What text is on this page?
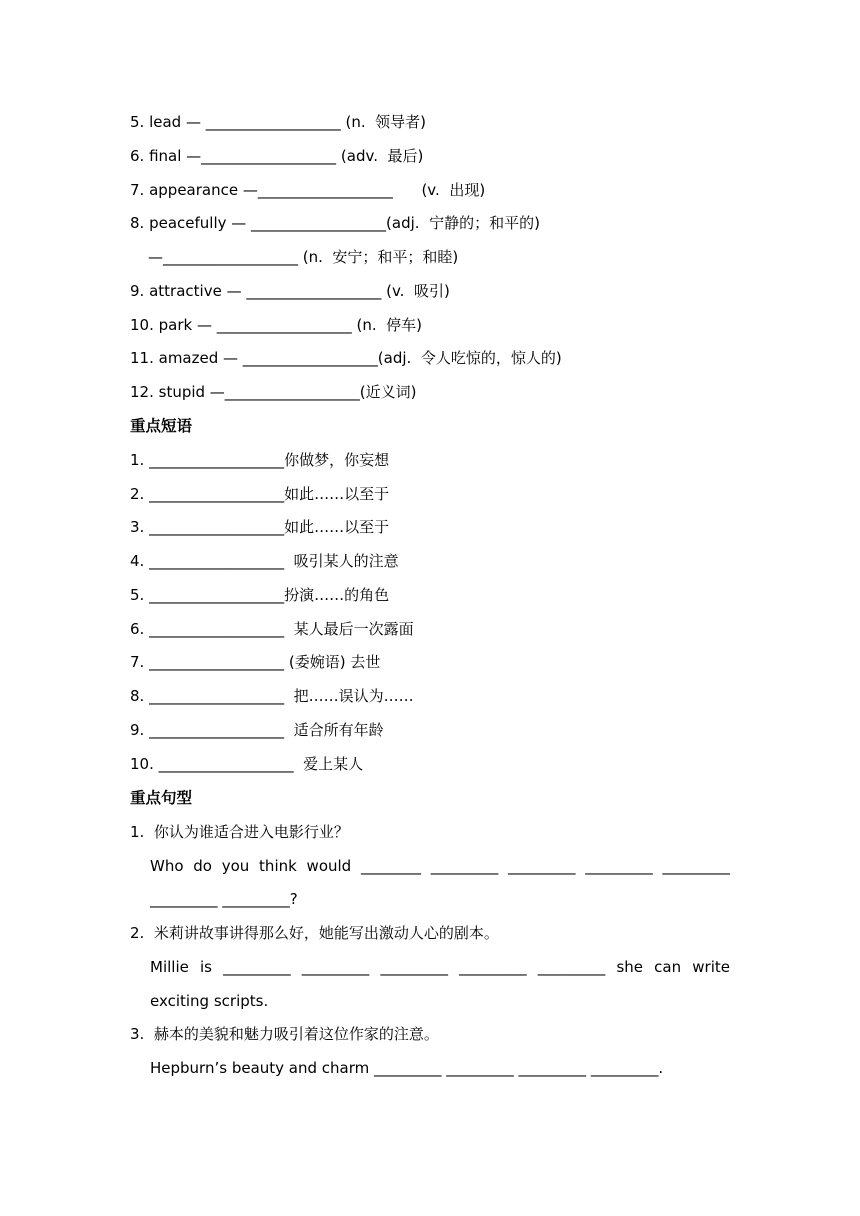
5. lead — __________________ (n.  领导者)
6. final —__________________ (adv.  最后)
7. appearance —__________________      (v.  出现)
8. peacefully — __________________(adj.  宁静的；和平的)
—__________________ (n.  安宁；和平；和睦)
9. attractive — __________________ (v.  吸引)
10. park — __________________ (n.  停车)
11. amazed — __________________(adj.  令人吃惊的，惊人的)
12. stupid —__________________(近义词)
重点短语
1. __________________你做梦，你妄想
2. __________________如此……以至于
3. __________________如此……以至于
4. __________________  吸引某人的注意
5. __________________扮演……的角色
6. __________________  某人最后一次露面
7. __________________ (委婉语) 去世
8. __________________  把……误认为……
9. __________________  适合所有年龄
10. __________________  爱上某人
重点句型
1.  你认为谁适合进入电影行业？
Who do you think would ________ _________ _________ _________ _________
_________ _________?
2.  米莉讲故事讲得那么好，她能写出激动人心的剧本。
Millie is _________ _________ _________ _________ _________ she can write
exciting scripts.
3.  赫本的美貌和魅力吸引着这位作家的注意。
Hepburn’s beauty and charm _________ _________ _________ _________.
